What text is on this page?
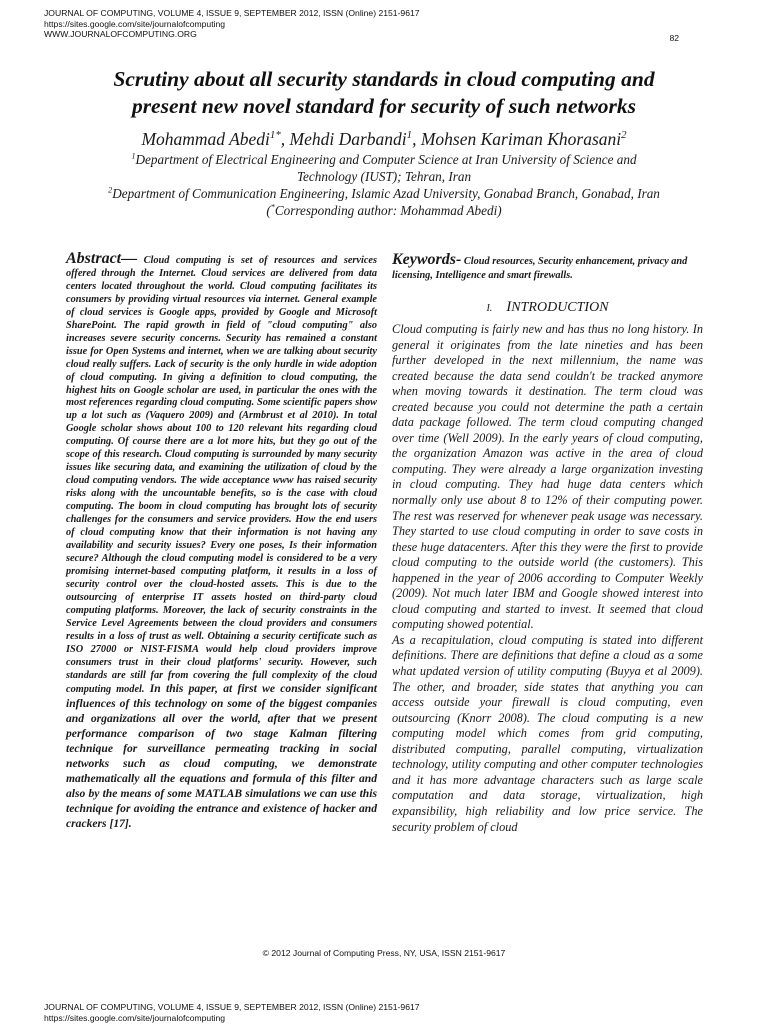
JOURNAL OF COMPUTING, VOLUME 4, ISSUE 9, SEPTEMBER 2012, ISSN (Online) 2151-9617
https://sites.google.com/site/journalofcomputing
WWW.JOURNALOFCOMPUTING.ORG	82
Scrutiny about all security standards in cloud computing and
present new novel standard for security of such networks
Mohammad Abedi$^{1*}$, Mehdi Darbandi$^1$, Mohsen Kariman Khorasani$^2$
$^1$Department of Electrical Engineering and Computer Science at Iran University of Science and
Technology (IUST); Tehran, Iran
$^2$Department of Communication Engineering, Islamic Azad University, Gonabad Branch, Gonabad, Iran
(*Corresponding author: Mohammad Abedi)
Abstract— Cloud computing is set of resources and services offered through the Internet. Cloud services are delivered from data centers located throughout the world. Cloud computing facilitates its consumers by providing virtual resources via internet. General example of cloud services is Google apps, provided by Google and Microsoft SharePoint. The rapid growth in field of "cloud computing" also increases severe security concerns. Security has remained a constant issue for Open Systems and internet, when we are talking about security cloud really suffers. Lack of security is the only hurdle in wide adoption of cloud computing. In giving a definition to cloud computing, the highest hits on Google scholar are used, in particular the ones with the most references regarding cloud computing. Some scientific papers show up a lot such as (Vaquero 2009) and (Armbrust et al 2010). In total Google scholar shows about 100 to 120 relevant hits regarding cloud computing. Of course there are a lot more hits, but they go out of the scope of this research. Cloud computing is surrounded by many security issues like securing data, and examining the utilization of cloud by the cloud computing vendors. The wide acceptance www has raised security risks along with the uncountable benefits, so is the case with cloud computing. The boom in cloud computing has brought lots of security challenges for the consumers and service providers. How the end users of cloud computing know that their information is not having any availability and security issues? Every one poses, Is their information secure? Although the cloud computing model is considered to be a very promising internet-based computing platform, it results in a loss of security control over the cloud-hosted assets. This is due to the outsourcing of enterprise IT assets hosted on third-party cloud computing platforms. Moreover, the lack of security constraints in the Service Level Agreements between the cloud providers and consumers results in a loss of trust as well. Obtaining a security certificate such as ISO 27000 or NIST-FISMA would help cloud providers improve consumers trust in their cloud platforms' security. However, such standards are still far from covering the full complexity of the cloud computing model. In this paper, at first we consider significant influences of this technology on some of the biggest companies and organizations all over the world, after that we present performance comparison of two stage Kalman filtering technique for surveillance permeating tracking in social networks such as cloud computing, we demonstrate mathematically all the equations and formula of this filter and also by the means of some MATLAB simulations we can use this technique for avoiding the entrance and existence of hacker and crackers [17].
Keywords- Cloud resources, Security enhancement, privacy and licensing, Intelligence and smart firewalls.
I. INTRODUCTION

Cloud computing is fairly new and has thus no long history. In general it originates from the late nineties and has been further developed in the next millennium, the name was created because the data send couldn't be tracked anymore when moving towards it destination. The term cloud was created because you could not determine the path a certain data package followed. The term cloud computing changed over time (Well 2009). In the early years of cloud computing, the organization Amazon was active in the area of cloud computing. They were already a large organization investing in cloud computing. They had huge data centers which normally only use about 8 to 12% of their computing power. The rest was reserved for whenever peak usage was necessary. They started to use cloud computing in order to save costs in these huge datacenters. After this they were the first to provide cloud computing to the outside world (the customers). This happened in the year of 2006 according to Computer Weekly (2009). Not much later IBM and Google showed interest into cloud computing and started to invest. It seemed that cloud computing showed potential.

As a recapitulation, cloud computing is stated into different definitions. There are definitions that define a cloud as a some what updated version of utility computing (Buyya et al 2009). The other, and broader, side states that anything you can access outside your firewall is cloud computing, even outsourcing (Knorr 2008). The cloud computing is a new computing model which comes from grid computing, distributed computing, parallel computing, virtualization technology, utility computing and other computer technologies and it has more advantage characters such as large scale computation and data storage, virtualization, high expansibility, high reliability and low price service. The security problem of cloud

© 2012 Journal of Computing Press, NY, USA, ISSN 2151-9617
JOURNAL OF COMPUTING, VOLUME 4, ISSUE 9, SEPTEMBER 2012, ISSN (Online) 2151-9617
https://sites.google.com/site/journalofcomputing
